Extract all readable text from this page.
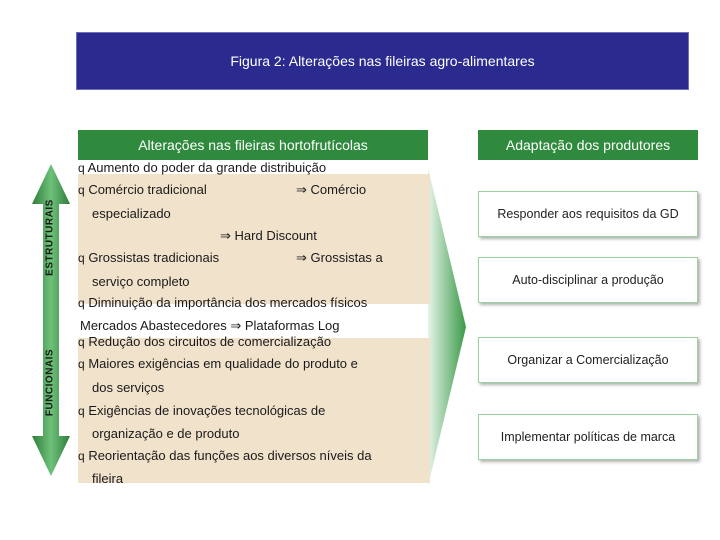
Figura 2: Alterações nas fileiras agro-alimentares
Alterações nas fileiras hortofrutícolas	Adaptação dos produtores
ESTRUTURAIS
FUNCIONAIS
q Aumento do poder da grande distribuição
q Comércio tradicional	⇒ Comércio
especializado
⇒ Hard Discount
q Grossistas tradicionais	⇒ Grossistas a
serviço completo
q Diminuição da importância dos mercados físicos
Mercados Abastecedores ⇒ Plataformas Log
q Redução dos circuitos de comercialização
q Maiores exigências em qualidade do produto e
dos serviços
q Exigências de inovações tecnológicas de
organização e de produto
q Reorientação das funções aos diversos níveis da
fileira
Responder aos requisitos da GD
Auto-disciplinar a produção
Organizar a Comercialização
Implementar políticas de marca
